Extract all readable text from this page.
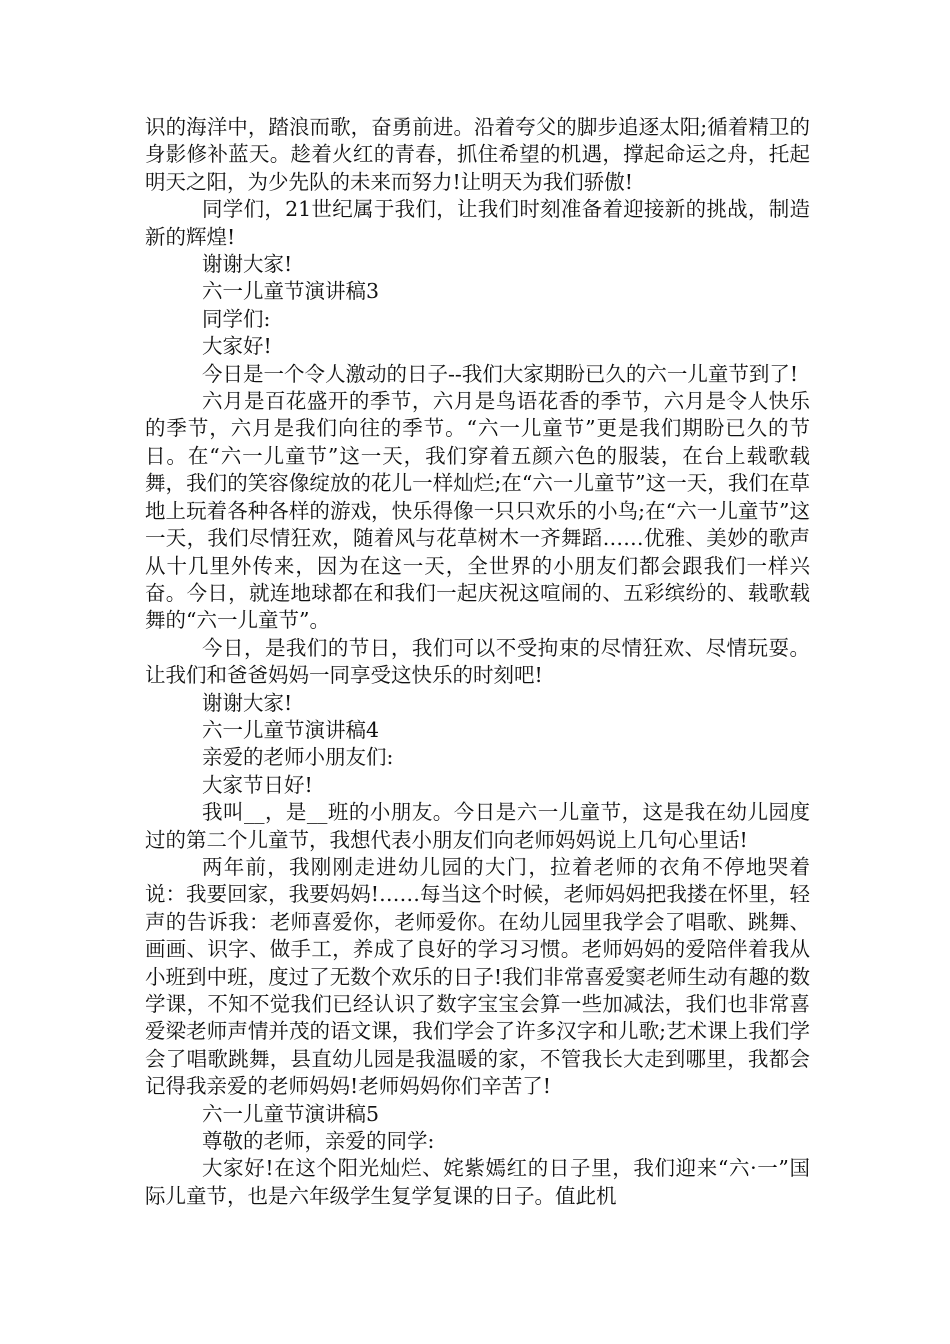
识的海洋中，踏浪而歌，奋勇前进。沿着夸父的脚步追逐太阳;循着精卫的身影修补蓝天。趁着火红的青春，抓住希望的机遇，撑起命运之舟，托起明天之阳，为少先队的未来而努力!让明天为我们骄傲!

同学们，21世纪属于我们，让我们时刻准备着迎接新的挑战，制造新的辉煌!

谢谢大家!

六一儿童节演讲稿3

同学们:

大家好!

今日是一个令人激动的日子--我们大家期盼已久的六一儿童节到了!

六月是百花盛开的季节，六月是鸟语花香的季节，六月是令人快乐的季节，六月是我们向往的季节。“六一儿童节”更是我们期盼已久的节日。在“六一儿童节”这一天，我们穿着五颜六色的服装，在台上载歌载舞，我们的笑容像绽放的花儿一样灿烂;在“六一儿童节”这一天，我们在草地上玩着各种各样的游戏，快乐得像一只只欢乐的小鸟;在“六一儿童节”这一天，我们尽情狂欢，随着风与花草树木一齐舞蹈……优雅、美妙的歌声从十几里外传来，因为在这一天，全世界的小朋友们都会跟我们一样兴奋。今日，就连地球都在和我们一起庆祝这喧闹的、五彩缤纷的、载歌载舞的“六一儿童节”。

今日，是我们的节日，我们可以不受拘束的尽情狂欢、尽情玩耍。让我们和爸爸妈妈一同享受这快乐的时刻吧!

谢谢大家!

六一儿童节演讲稿4

亲爱的老师小朋友们:

大家节日好!

我叫__，是__班的小朋友。今日是六一儿童节，这是我在幼儿园度过的第二个儿童节，我想代表小朋友们向老师妈妈说上几句心里话!

两年前，我刚刚走进幼儿园的大门，拉着老师的衣角不停地哭着说：我要回家，我要妈妈!……每当这个时候，老师妈妈把我搂在怀里，轻声的告诉我：老师喜爱你，老师爱你。在幼儿园里我学会了唱歌、跳舞、画画、识字、做手工，养成了良好的学习习惯。老师妈妈的爱陪伴着我从小班到中班，度过了无数个欢乐的日子!我们非常喜爱窦老师生动有趣的数学课，不知不觉我们已经认识了数字宝宝会算一些加减法，我们也非常喜爱梁老师声情并茂的语文课，我们学会了许多汉字和儿歌;艺术课上我们学会了唱歌跳舞，县直幼儿园是我温暖的家，不管我长大走到哪里，我都会记得我亲爱的老师妈妈!老师妈妈你们辛苦了!

六一儿童节演讲稿5

尊敬的老师，亲爱的同学:

大家好!在这个阳光灿烂、姹紫嫣红的日子里，我们迎来“六·一”国际儿童节，也是六年级学生复学复课的日子。值此机
